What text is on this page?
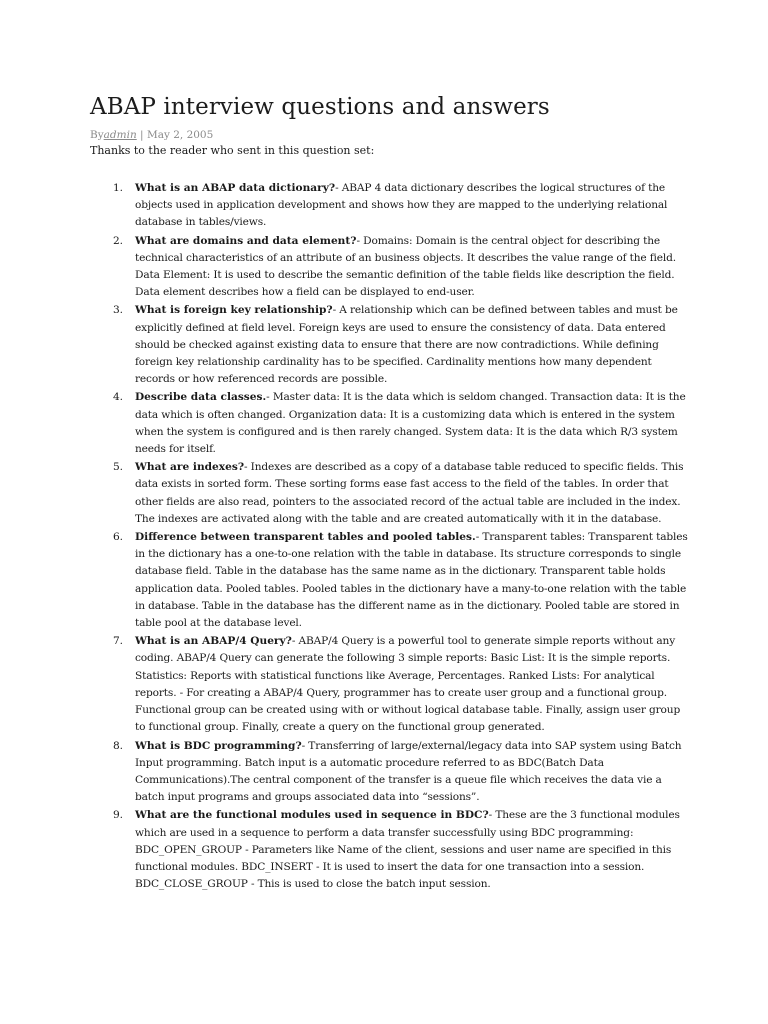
ABAP interview questions and answers
Byadmin | May 2, 2005
Thanks to the reader who sent in this question set:
1. What is an ABAP data dictionary?- ABAP 4 data dictionary describes the logical structures of the objects used in application development and shows how they are mapped to the underlying relational database in tables/views.
2. What are domains and data element?- Domains: Domain is the central object for describing the technical characteristics of an attribute of an business objects. It describes the value range of the field. Data Element: It is used to describe the semantic definition of the table fields like description the field. Data element describes how a field can be displayed to end-user.
3. What is foreign key relationship?- A relationship which can be defined between tables and must be explicitly defined at field level. Foreign keys are used to ensure the consistency of data. Data entered should be checked against existing data to ensure that there are now contradictions. While defining foreign key relationship cardinality has to be specified. Cardinality mentions how many dependent records or how referenced records are possible.
4. Describe data classes.- Master data: It is the data which is seldom changed. Transaction data: It is the data which is often changed. Organization data: It is a customizing data which is entered in the system when the system is configured and is then rarely changed. System data: It is the data which R/3 system needs for itself.
5. What are indexes?- Indexes are described as a copy of a database table reduced to specific fields. This data exists in sorted form. These sorting forms ease fast access to the field of the tables. In order that other fields are also read, pointers to the associated record of the actual table are included in the index. The indexes are activated along with the table and are created automatically with it in the database.
6. Difference between transparent tables and pooled tables.- Transparent tables: Transparent tables in the dictionary has a one-to-one relation with the table in database. Its structure corresponds to single database field. Table in the database has the same name as in the dictionary. Transparent table holds application data. Pooled tables. Pooled tables in the dictionary have a many-to-one relation with the table in database. Table in the database has the different name as in the dictionary. Pooled table are stored in table pool at the database level.
7. What is an ABAP/4 Query?- ABAP/4 Query is a powerful tool to generate simple reports without any coding. ABAP/4 Query can generate the following 3 simple reports: Basic List: It is the simple reports. Statistics: Reports with statistical functions like Average, Percentages. Ranked Lists: For analytical reports. - For creating a ABAP/4 Query, programmer has to create user group and a functional group. Functional group can be created using with or without logical database table. Finally, assign user group to functional group. Finally, create a query on the functional group generated.
8. What is BDC programming?- Transferring of large/external/legacy data into SAP system using Batch Input programming. Batch input is a automatic procedure referred to as BDC(Batch Data Communications).The central component of the transfer is a queue file which receives the data vie a batch input programs and groups associated data into “sessions”.
9. What are the functional modules used in sequence in BDC?- These are the 3 functional modules which are used in a sequence to perform a data transfer successfully using BDC programming: BDC_OPEN_GROUP - Parameters like Name of the client, sessions and user name are specified in this functional modules. BDC_INSERT - It is used to insert the data for one transaction into a session. BDC_CLOSE_GROUP - This is used to close the batch input session.
